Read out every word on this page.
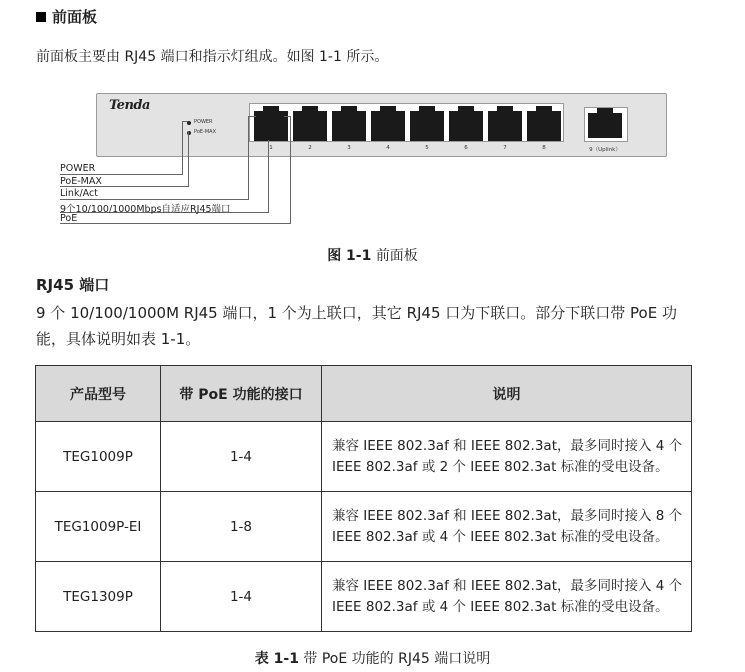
前面板
前面板主要由 RJ45 端口和指示灯组成。如图 1-1 所示。
Tenda
POWER
PoE-MAX
1	2	3	4	5	6	7	8	9（Uplink）
POWER
PoE-MAX
Link/Act
9个10/100/1000Mbps自适应RJ45端口
PoE
图 1-1 前面板
RJ45 端口
9 个 10/100/1000M RJ45 端口，1 个为上联口，其它 RJ45 口为下联口。部分下联口带 PoE 功能，具体说明如表 1-1。
产品型号	带 PoE 功能的接口	说明
TEG1009P	1-4	兼容 IEEE 802.3af 和 IEEE 802.3at，最多同时接入 4 个
IEEE 802.3af 或 2 个 IEEE 802.3at 标准的受电设备。

TEG1009P-EI	1-8	兼容 IEEE 802.3af 和 IEEE 802.3at，最多同时接入 8 个
IEEE 802.3af 或 4 个 IEEE 802.3at 标准的受电设备。

TEG1309P	1-4	兼容 IEEE 802.3af 和 IEEE 802.3at，最多同时接入 4 个
IEEE 802.3af 或 4 个 IEEE 802.3at 标准的受电设备。
表 1-1 带 PoE 功能的 RJ45 端口说明
